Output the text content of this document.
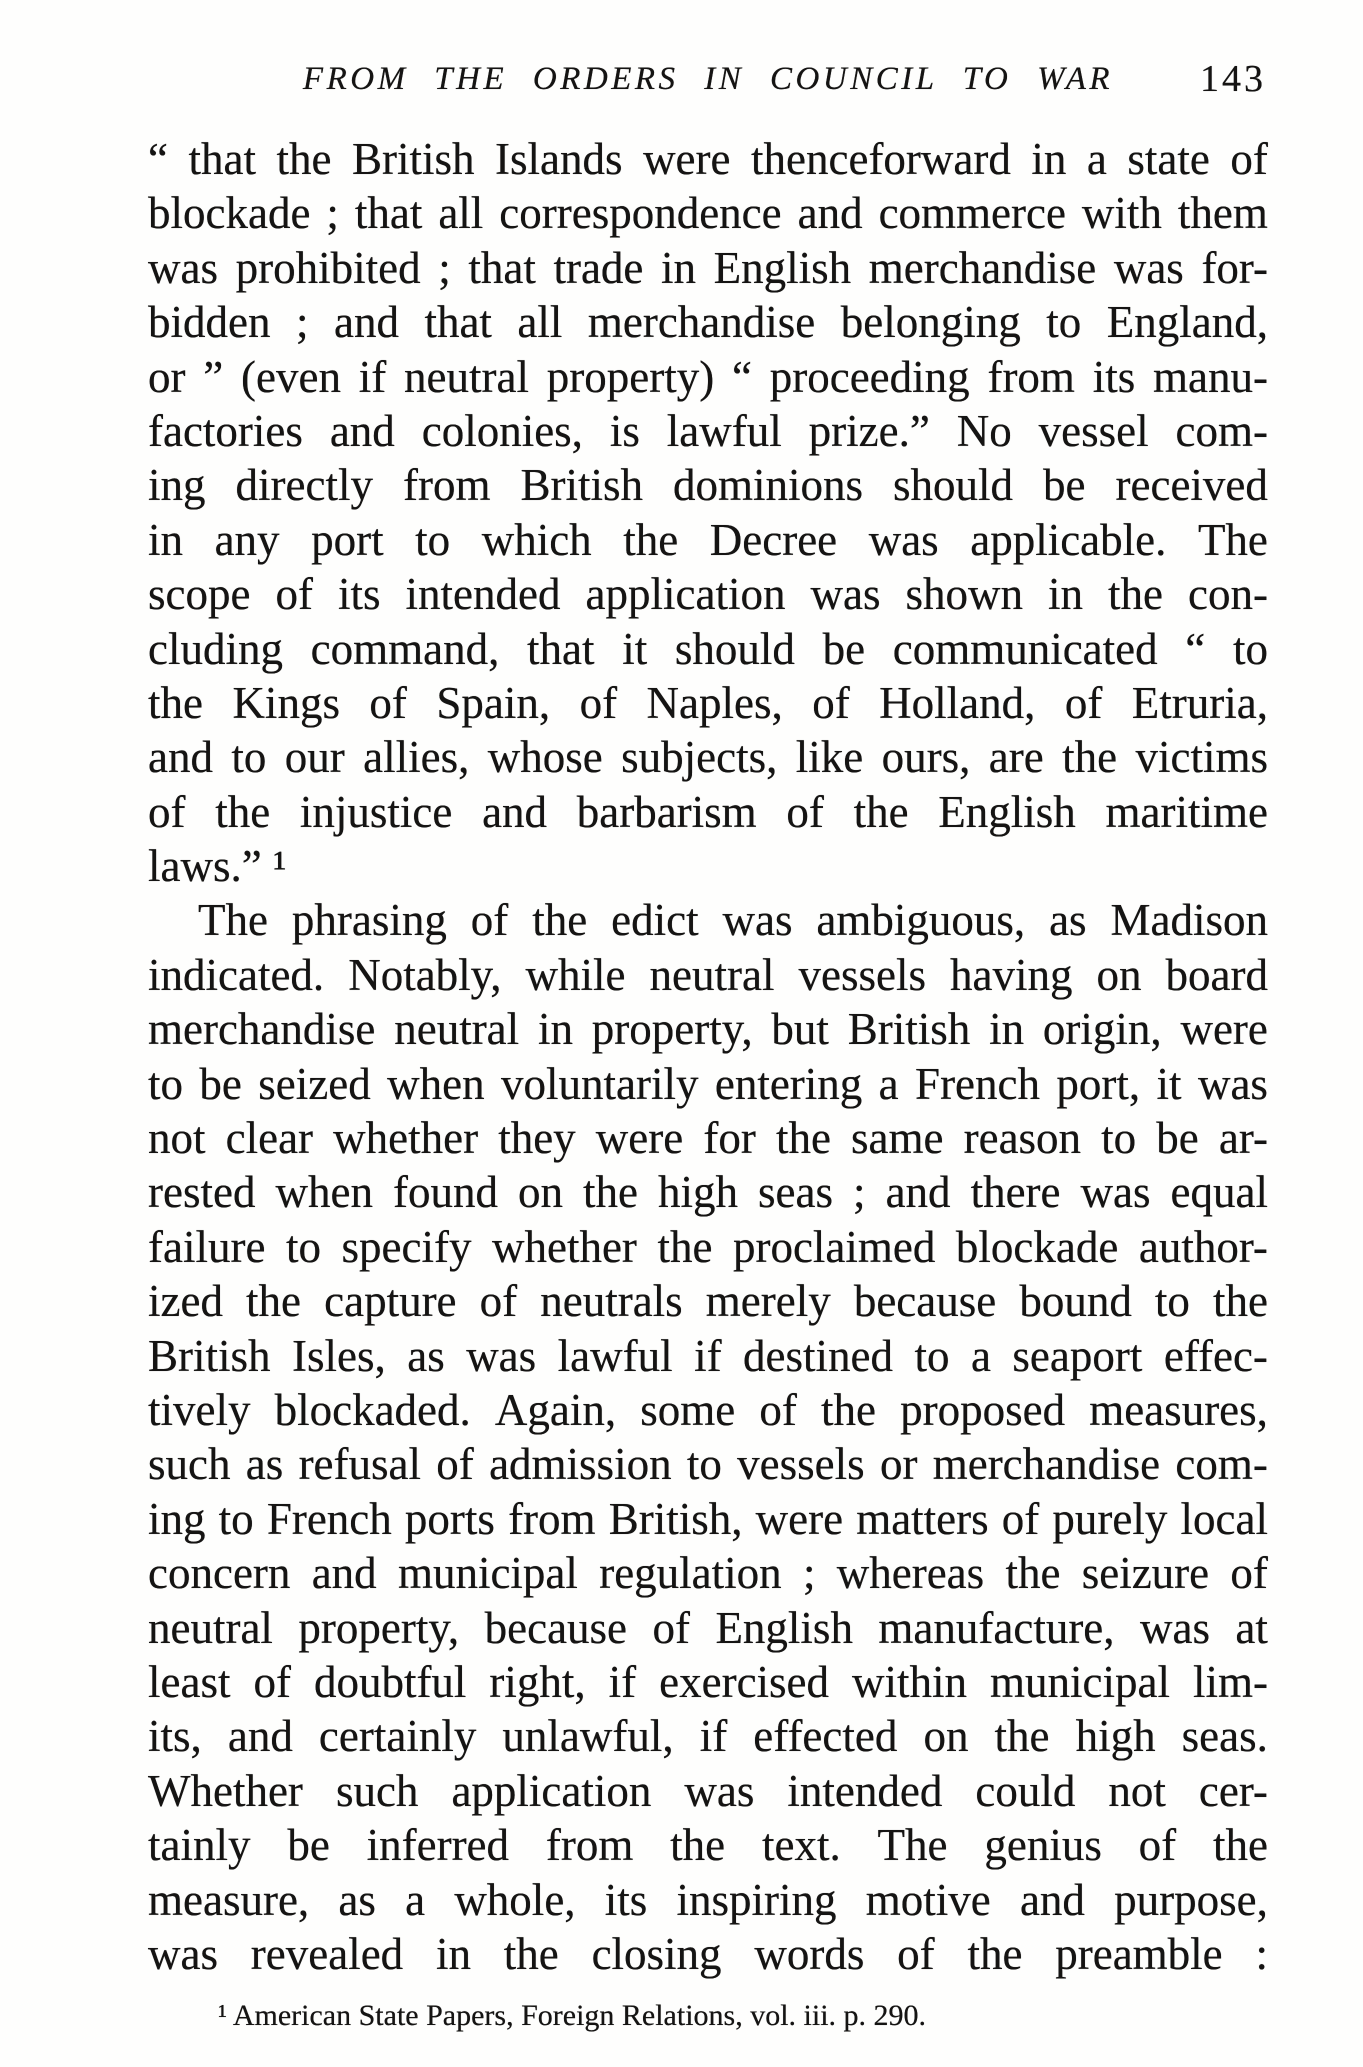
FROM THE ORDERS IN COUNCIL TO WAR 143
“ that the British Islands were thenceforward in a state of
blockade ; that all correspondence and commerce with them
was prohibited ; that trade in English merchandise was for-
bidden ; and that all merchandise belonging to England,
or ” (even if neutral property) “ proceeding from its manu-
factories and colonies, is lawful prize.” No vessel com-
ing directly from British dominions should be received
in any port to which the Decree was applicable. The
scope of its intended application was shown in the con-
cluding command, that it should be communicated “ to
the Kings of Spain, of Naples, of Holland, of Etruria,
and to our allies, whose subjects, like ours, are the victims
of the injustice and barbarism of the English maritime
laws.” ¹
The phrasing of the edict was ambiguous, as Madison
indicated. Notably, while neutral vessels having on board
merchandise neutral in property, but British in origin, were
to be seized when voluntarily entering a French port, it was
not clear whether they were for the same reason to be ar-
rested when found on the high seas ; and there was equal
failure to specify whether the proclaimed blockade author-
ized the capture of neutrals merely because bound to the
British Isles, as was lawful if destined to a seaport effec-
tively blockaded. Again, some of the proposed measures,
such as refusal of admission to vessels or merchandise com-
ing to French ports from British, were matters of purely local
concern and municipal regulation ; whereas the seizure of
neutral property, because of English manufacture, was at
least of doubtful right, if exercised within municipal lim-
its, and certainly unlawful, if effected on the high seas.
Whether such application was intended could not cer-
tainly be inferred from the text. The genius of the
measure, as a whole, its inspiring motive and purpose,
was revealed in the closing words of the preamble :
¹ American State Papers, Foreign Relations, vol. iii. p. 290.
